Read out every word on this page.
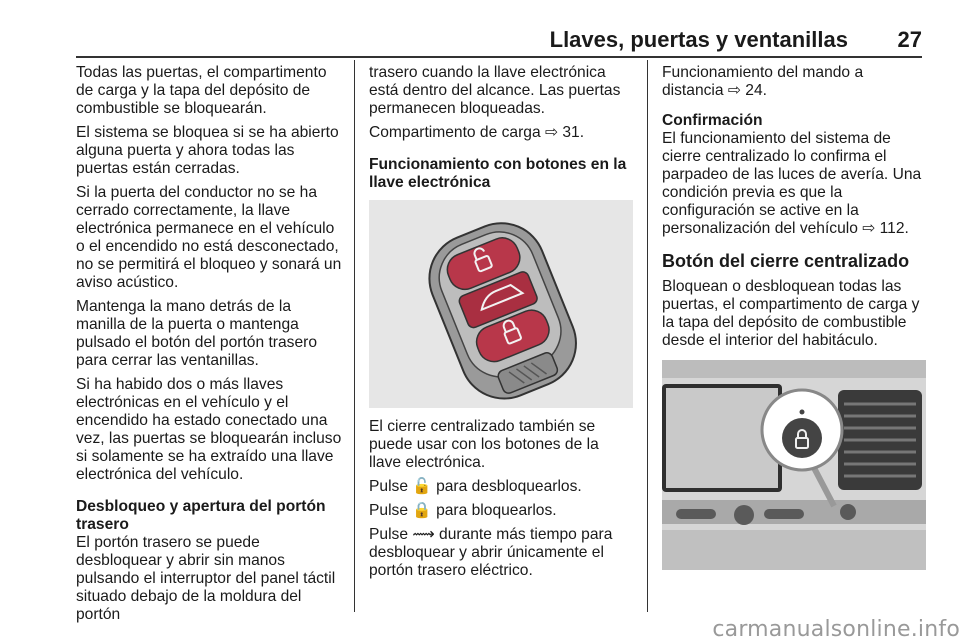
Llaves, puertas y ventanillas 27

Todas las puertas, el compartimento de carga y la tapa del depósito de combustible se bloquearán.

El sistema se bloquea si se ha abierto alguna puerta y ahora todas las puertas están cerradas.

Si la puerta del conductor no se ha cerrado correctamente, la llave electrónica permanece en el vehículo o el encendido no está desconectado, no se permitirá el bloqueo y sonará un aviso acústico.

Mantenga la mano detrás de la manilla de la puerta o mantenga pulsado el botón del portón trasero para cerrar las ventanillas.

Si ha habido dos o más llaves electrónicas en el vehículo y el encendido ha estado conectado una vez, las puertas se bloquearán incluso si solamente se ha extraído una llave electrónica del vehículo.

Desbloqueo y apertura del portón trasero

El portón trasero se puede desbloquear y abrir sin manos pulsando el interruptor del panel táctil situado debajo de la moldura del portón

trasero cuando la llave electrónica está dentro del alcance. Las puertas permanecen bloqueadas.

Compartimento de carga ⇨ 31.

Funcionamiento con botones en la llave electrónica

El cierre centralizado también se puede usar con los botones de la llave electrónica.

Pulse 🔓 para desbloquearlos.

Pulse 🔒 para bloquearlos.

Pulse ⟿ durante más tiempo para desbloquear y abrir únicamente el portón trasero eléctrico.

Funcionamiento del mando a distancia ⇨ 24.

Confirmación

El funcionamiento del sistema de cierre centralizado lo confirma el parpadeo de las luces de avería. Una condición previa es que la configuración se active en la personalización del vehículo ⇨ 112.

Botón del cierre centralizado

Bloquean o desbloquean todas las puertas, el compartimento de carga y la tapa del depósito de combustible desde el interior del habitáculo.

carmanualsonline.info
